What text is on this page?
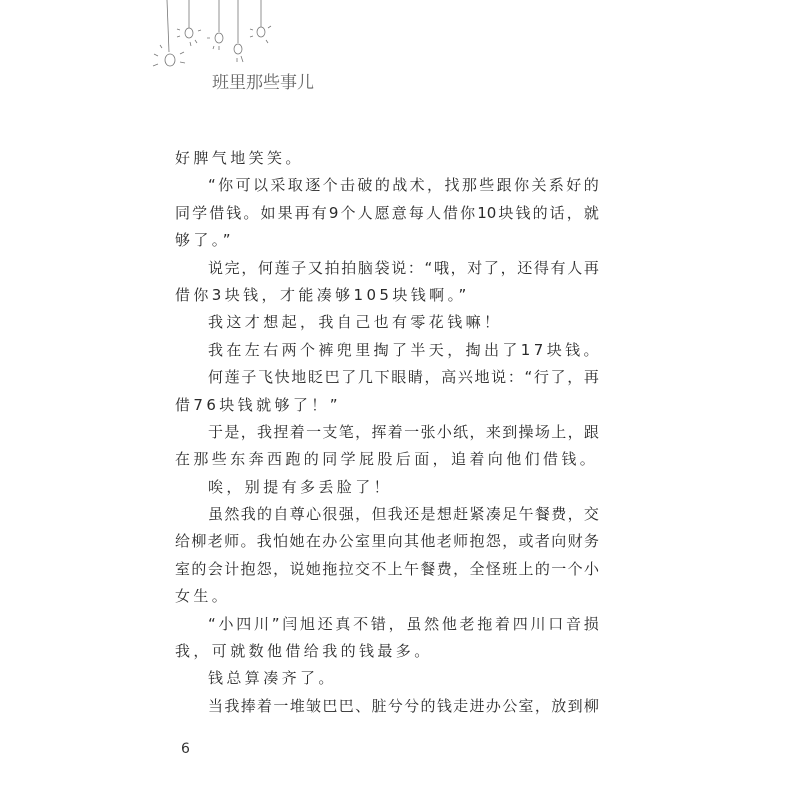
班里那些事儿
好脾气地笑笑。
“ 你 可 以 采 取 逐 个 击 破 的 战 术 ， 找 那 些 跟 你 关 系 好 的
同 学 借 钱 。 如 果 再 有 9 个 人 愿 意 每 人 借 你 10 块 钱 的 话 ， 就
够了。”
说 完 ， 何 莲 子 又 拍 拍 脑 袋 说 ： “ 哦 ， 对 了 ， 还 得 有 人 再
借你3块钱，才能凑够105块钱啊。”
我这才想起，我自己也有零花钱嘛！
我在左右两个裤兜里掏了半天，掏出了17块钱。
何 莲 子 飞 快 地 眨 巴 了 几 下 眼 睛 ， 高 兴 地 说 ： “ 行 了 ， 再
借76块钱就够了！”
于 是 ， 我 捏 着 一 支 笔 ， 挥 着 一 张 小 纸 ， 来 到 操 场 上 ， 跟
在那些东奔西跑的同学屁股后面，追着向他们借钱。
唉，别提有多丢脸了！
虽 然 我 的 自 尊 心 很 强 ， 但 我 还 是 想 赶 紧 凑 足 午 餐 费 ， 交
给 柳 老 师 。 我 怕 她 在 办 公 室 里 向 其 他 老 师 抱 怨 ， 或 者 向 财 务
室 的 会 计 抱 怨 ， 说 她 拖 拉 交 不 上 午 餐 费 ， 全 怪 班 上 的 一 个 小
女生。
“ 小 四 川 ” 闫 旭 还 真 不 错 ， 虽 然 他 老 拖 着 四 川 口 音 损
我，可就数他借给我的钱最多。
钱总算凑齐了。
当 我 捧 着 一 堆 皱 巴 巴 、 脏 兮 兮 的 钱 走 进 办 公 室 ， 放 到 柳
6
